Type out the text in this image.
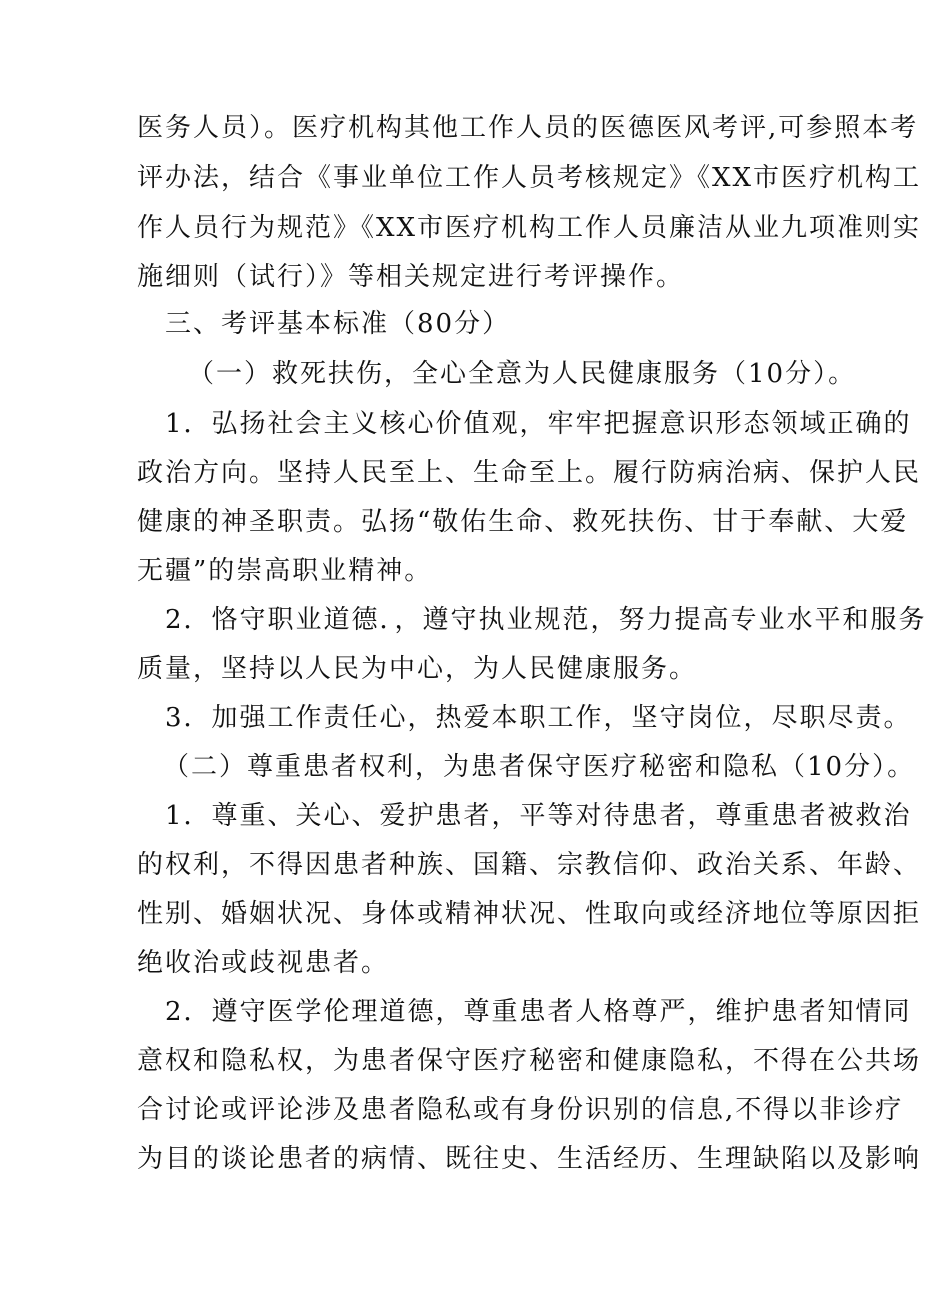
医务人员）。医疗机构其他工作人员的医德医风考评,可参照本考
评办法，结合《事业单位工作人员考核规定》《XX市医疗机构工
作人员行为规范》《XX市医疗机构工作人员廉洁从业九项准则实
施细则（试行）》等相关规定进行考评操作。
三、考评基本标准（80分）
（一）救死扶伤，全心全意为人民健康服务（10分）。
1．弘扬社会主义核心价值观，牢牢把握意识形态领域正确的
政治方向。坚持人民至上、生命至上。履行防病治病、保护人民
健康的神圣职责。弘扬“敬佑生命、救死扶伤、甘于奉献、大爱
无疆”的崇高职业精神。
2．恪守职业道德．，遵守执业规范，努力提高专业水平和服务
质量，坚持以人民为中心，为人民健康服务。
3．加强工作责任心，热爱本职工作，坚守岗位，尽职尽责。
（二）尊重患者权利，为患者保守医疗秘密和隐私（10分）。
1．尊重、关心、爱护患者，平等对待患者，尊重患者被救治
的权利，不得因患者种族、国籍、宗教信仰、政治关系、年龄、
性别、婚姻状况、身体或精神状况、性取向或经济地位等原因拒
绝收治或歧视患者。
2．遵守医学伦理道德，尊重患者人格尊严，维护患者知情同
意权和隐私权，为患者保守医疗秘密和健康隐私，不得在公共场
合讨论或评论涉及患者隐私或有身份识别的信息,不得以非诊疗
为目的谈论患者的病情、既往史、生活经历、生理缺陷以及影响
